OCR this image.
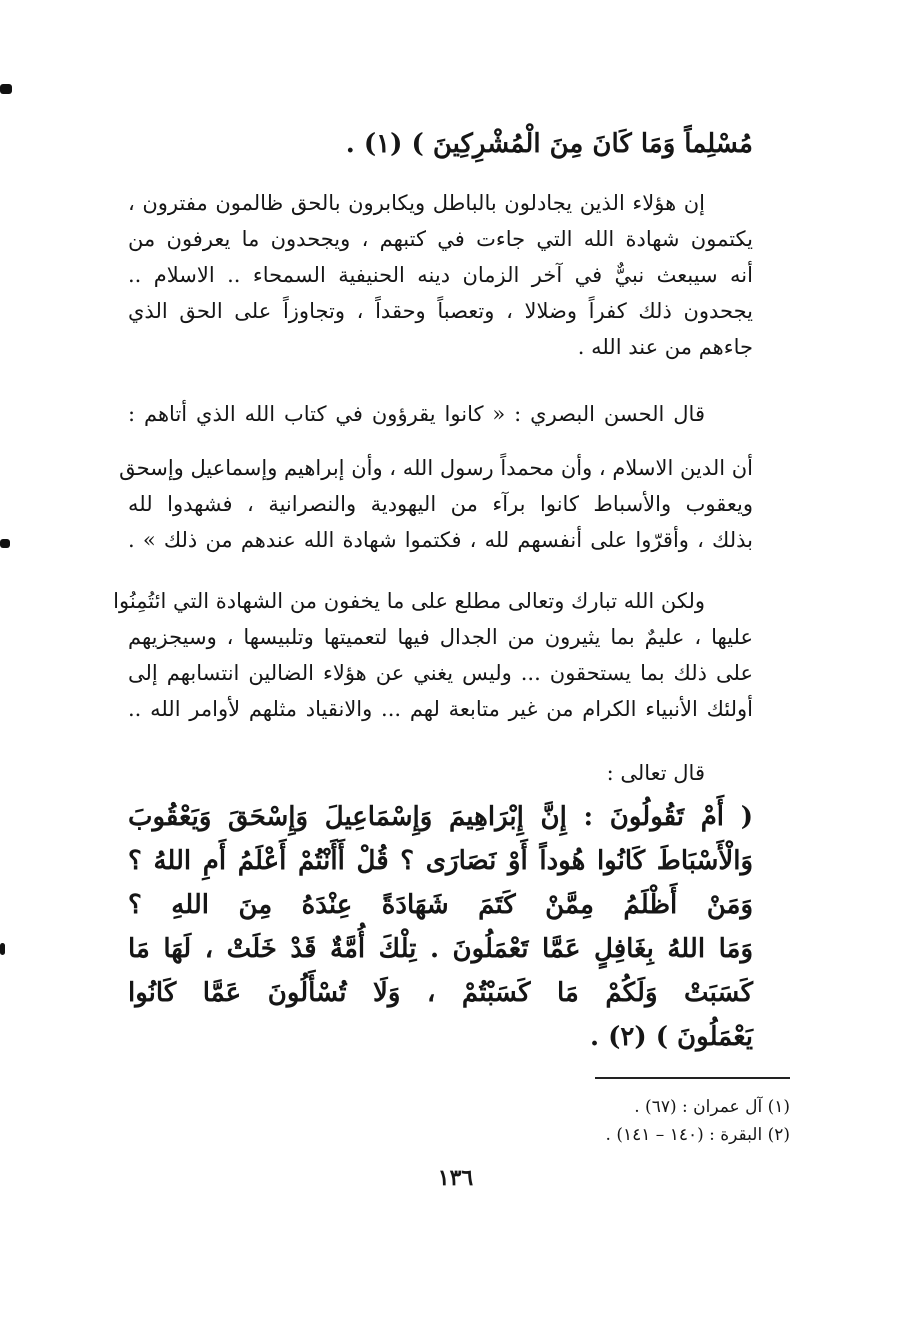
مُسْلِماً وَمَا كَانَ مِنَ الْمُشْرِكِينَ ) (١) .

إن هؤلاء الذين يجادلون بالباطل ويكابرون بالحق ظالمون مفترون ،
يكتمون شهادة الله التي جاءت في كتبهم ، ويجحدون ما يعرفون من
أنه سيبعث نبيٌّ في آخر الزمان دينه الحنيفية السمحاء .. الاسلام ..
يجحدون ذلك كفراً وضلالا ، وتعصباً وحقداً ، وتجاوزاً على الحق الذي
جاءهم من عند الله .

قال الحسن البصري : « كانوا يقرؤون في كتاب الله الذي أتاهم :

أن الدين الاسلام ، وأن محمداً رسول الله ، وأن إبراهيم وإسماعيل وإسحق
ويعقوب والأسباط كانوا برآء من اليهودية والنصرانية ، فشهدوا لله
بذلك ، وأقرّوا على أنفسهم لله ، فكتموا شهادة الله عندهم من ذلك » .
ولكن الله تبارك وتعالى مطلع على ما يخفون من الشهادة التي ائتُمِنُوا
عليها ، عليمٌ بما يثيرون من الجدال فيها لتعميتها وتلبيسها ، وسيجزيهم
على ذلك بما يستحقون ... وليس يغني عن هؤلاء الضالين انتسابهم إلى
أولئك الأنبياء الكرام من غير متابعة لهم ... والانقياد مثلهم لأوامر الله ..

قال تعالى :

( أَمْ تَقُولُونَ : إِنَّ إِبْرَاهِيمَ وَإِسْمَاعِيلَ وَإِسْحَقَ وَيَعْقُوبَ
وَالْأَسْبَاطَ كَانُوا هُوداً أَوْ نَصَارَى ؟ قُلْ أَأَنْتُمْ أَعْلَمُ أَمِ اللهُ ؟
وَمَنْ أَظْلَمُ مِمَّنْ كَتَمَ شَهَادَةً عِنْدَهُ مِنَ اللهِ ؟
وَمَا اللهُ بِغَافِلٍ عَمَّا تَعْمَلُونَ . تِلْكَ أُمَّةٌ قَدْ خَلَتْ ، لَهَا مَا
كَسَبَتْ وَلَكُمْ مَا كَسَبْتُمْ ، وَلَا تُسْأَلُونَ عَمَّا كَانُوا
يَعْمَلُونَ ) (٢) .
(١) آل عمران : (٦٧) .
(٢) البقرة : (١٤٠ – ١٤١) .
١٣٦
